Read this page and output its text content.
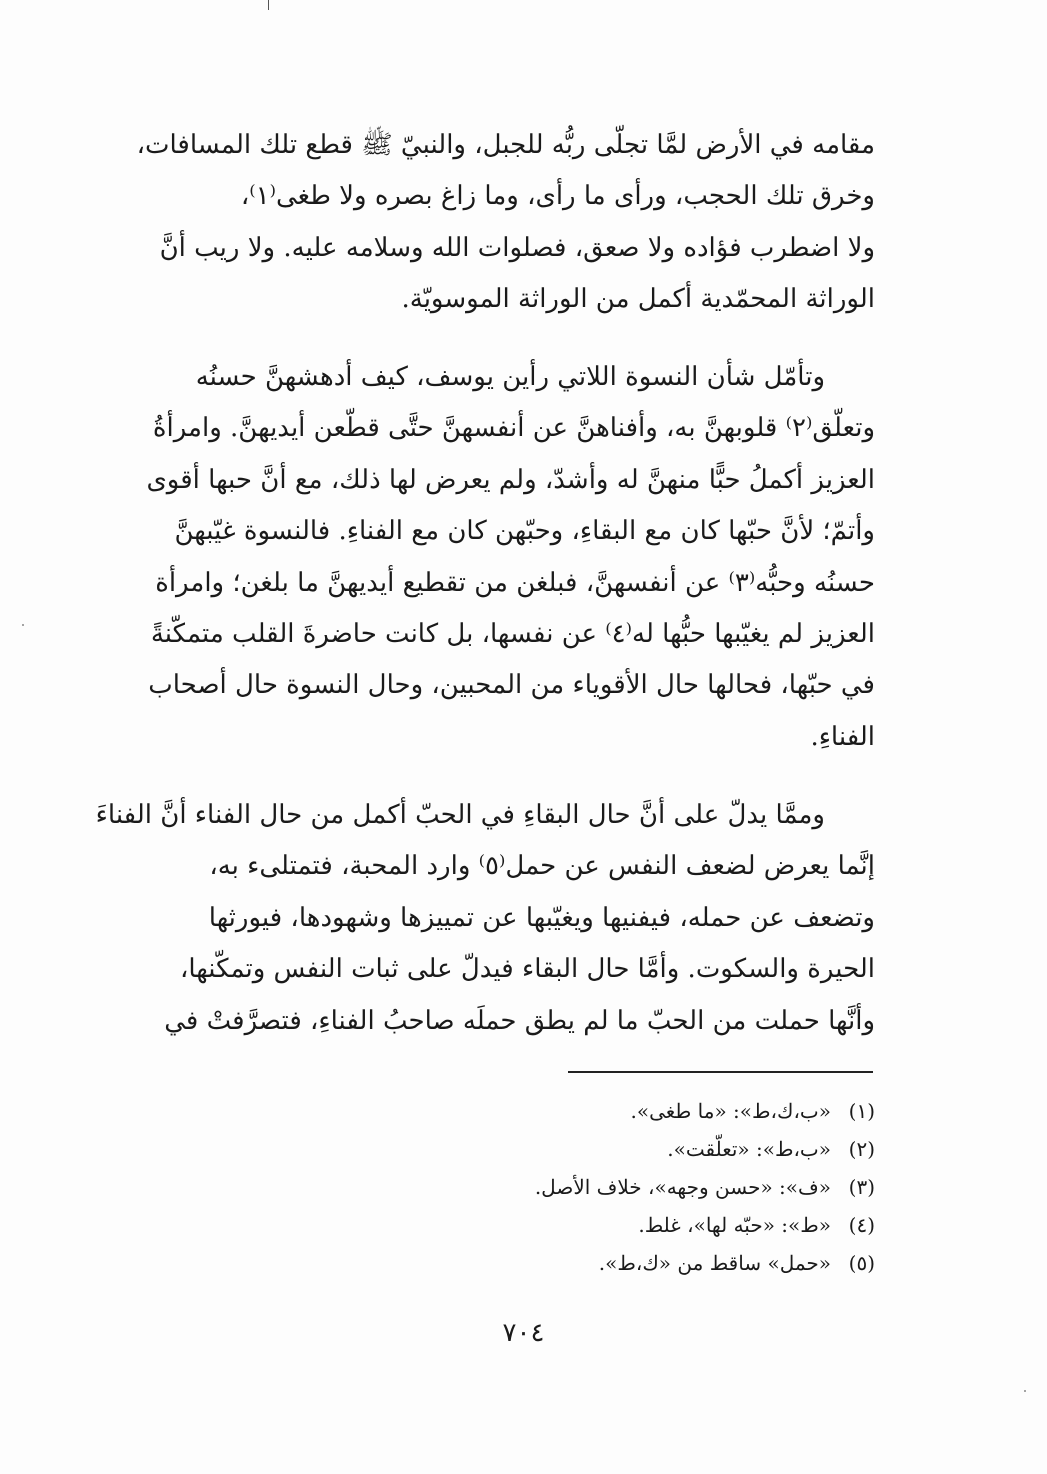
مقامه في الأرض لمَّا تجلّى ربُّه للجبل، والنبيّ ﷺ قطع تلك المسافات،
وخرق تلك الحجب، ورأى ما رأى، وما زاغ بصره ولا طغى⁽١⁾،
ولا اضطرب فؤاده ولا صعق، فصلوات الله وسلامه عليه. ولا ريب أنَّ
الوراثة المحمّدية أكمل من الوراثة الموسويّة.
وتأمّل شأن النسوة اللاتي رأين يوسف، كيف أدهشهنَّ حسنُه
وتعلّق⁽٢⁾ قلوبهنَّ به، وأفناهنَّ عن أنفسهنَّ حتَّى قطّعن أيديهنَّ. وامرأةُ
العزيز أكملُ حبًّا منهنَّ له وأشدّ، ولم يعرض لها ذلك، مع أنَّ حبها أقوى
وأتمّ؛ لأنَّ حبّها كان مع البقاءِ، وحبّهن كان مع الفناءِ. فالنسوة غيّبهنَّ
حسنُه وحبُّه⁽٣⁾ عن أنفسهنَّ، فبلغن من تقطيع أيديهنَّ ما بلغن؛ وامرأة
العزيز لم يغيّبها حبُّها له⁽٤⁾ عن نفسها، بل كانت حاضرةَ القلب متمكّنةً
في حبّها، فحالها حال الأقوياء من المحبين، وحال النسوة حال أصحاب
الفناءِ.
وممَّا يدلّ على أنَّ حال البقاءِ في الحبّ أكمل من حال الفناء أنَّ الفناءَ
إنَّما يعرض لضعف النفس عن حمل⁽٥⁾ وارد المحبة، فتمتلىء به،
وتضعف عن حمله، فيفنيها ويغيّبها عن تمييزها وشهودها، فيورثها
الحيرة والسكوت. وأمَّا حال البقاء فيدلّ على ثبات النفس وتمكّنها،
وأنَّها حملت من الحبّ ما لم يطق حملَه صاحبُ الفناءِ، فتصرَّفتْ في
(١)
«ب،ك،ط»: «ما طغى».
(٢)
«ب،ط»: «تعلّقت».
(٣)
«ف»: «حسن وجهه»، خلاف الأصل.
(٤)
«ط»: «حبّه لها»، غلط.
(٥)
«حمل» ساقط من «ك،ط».
٧٠٤
